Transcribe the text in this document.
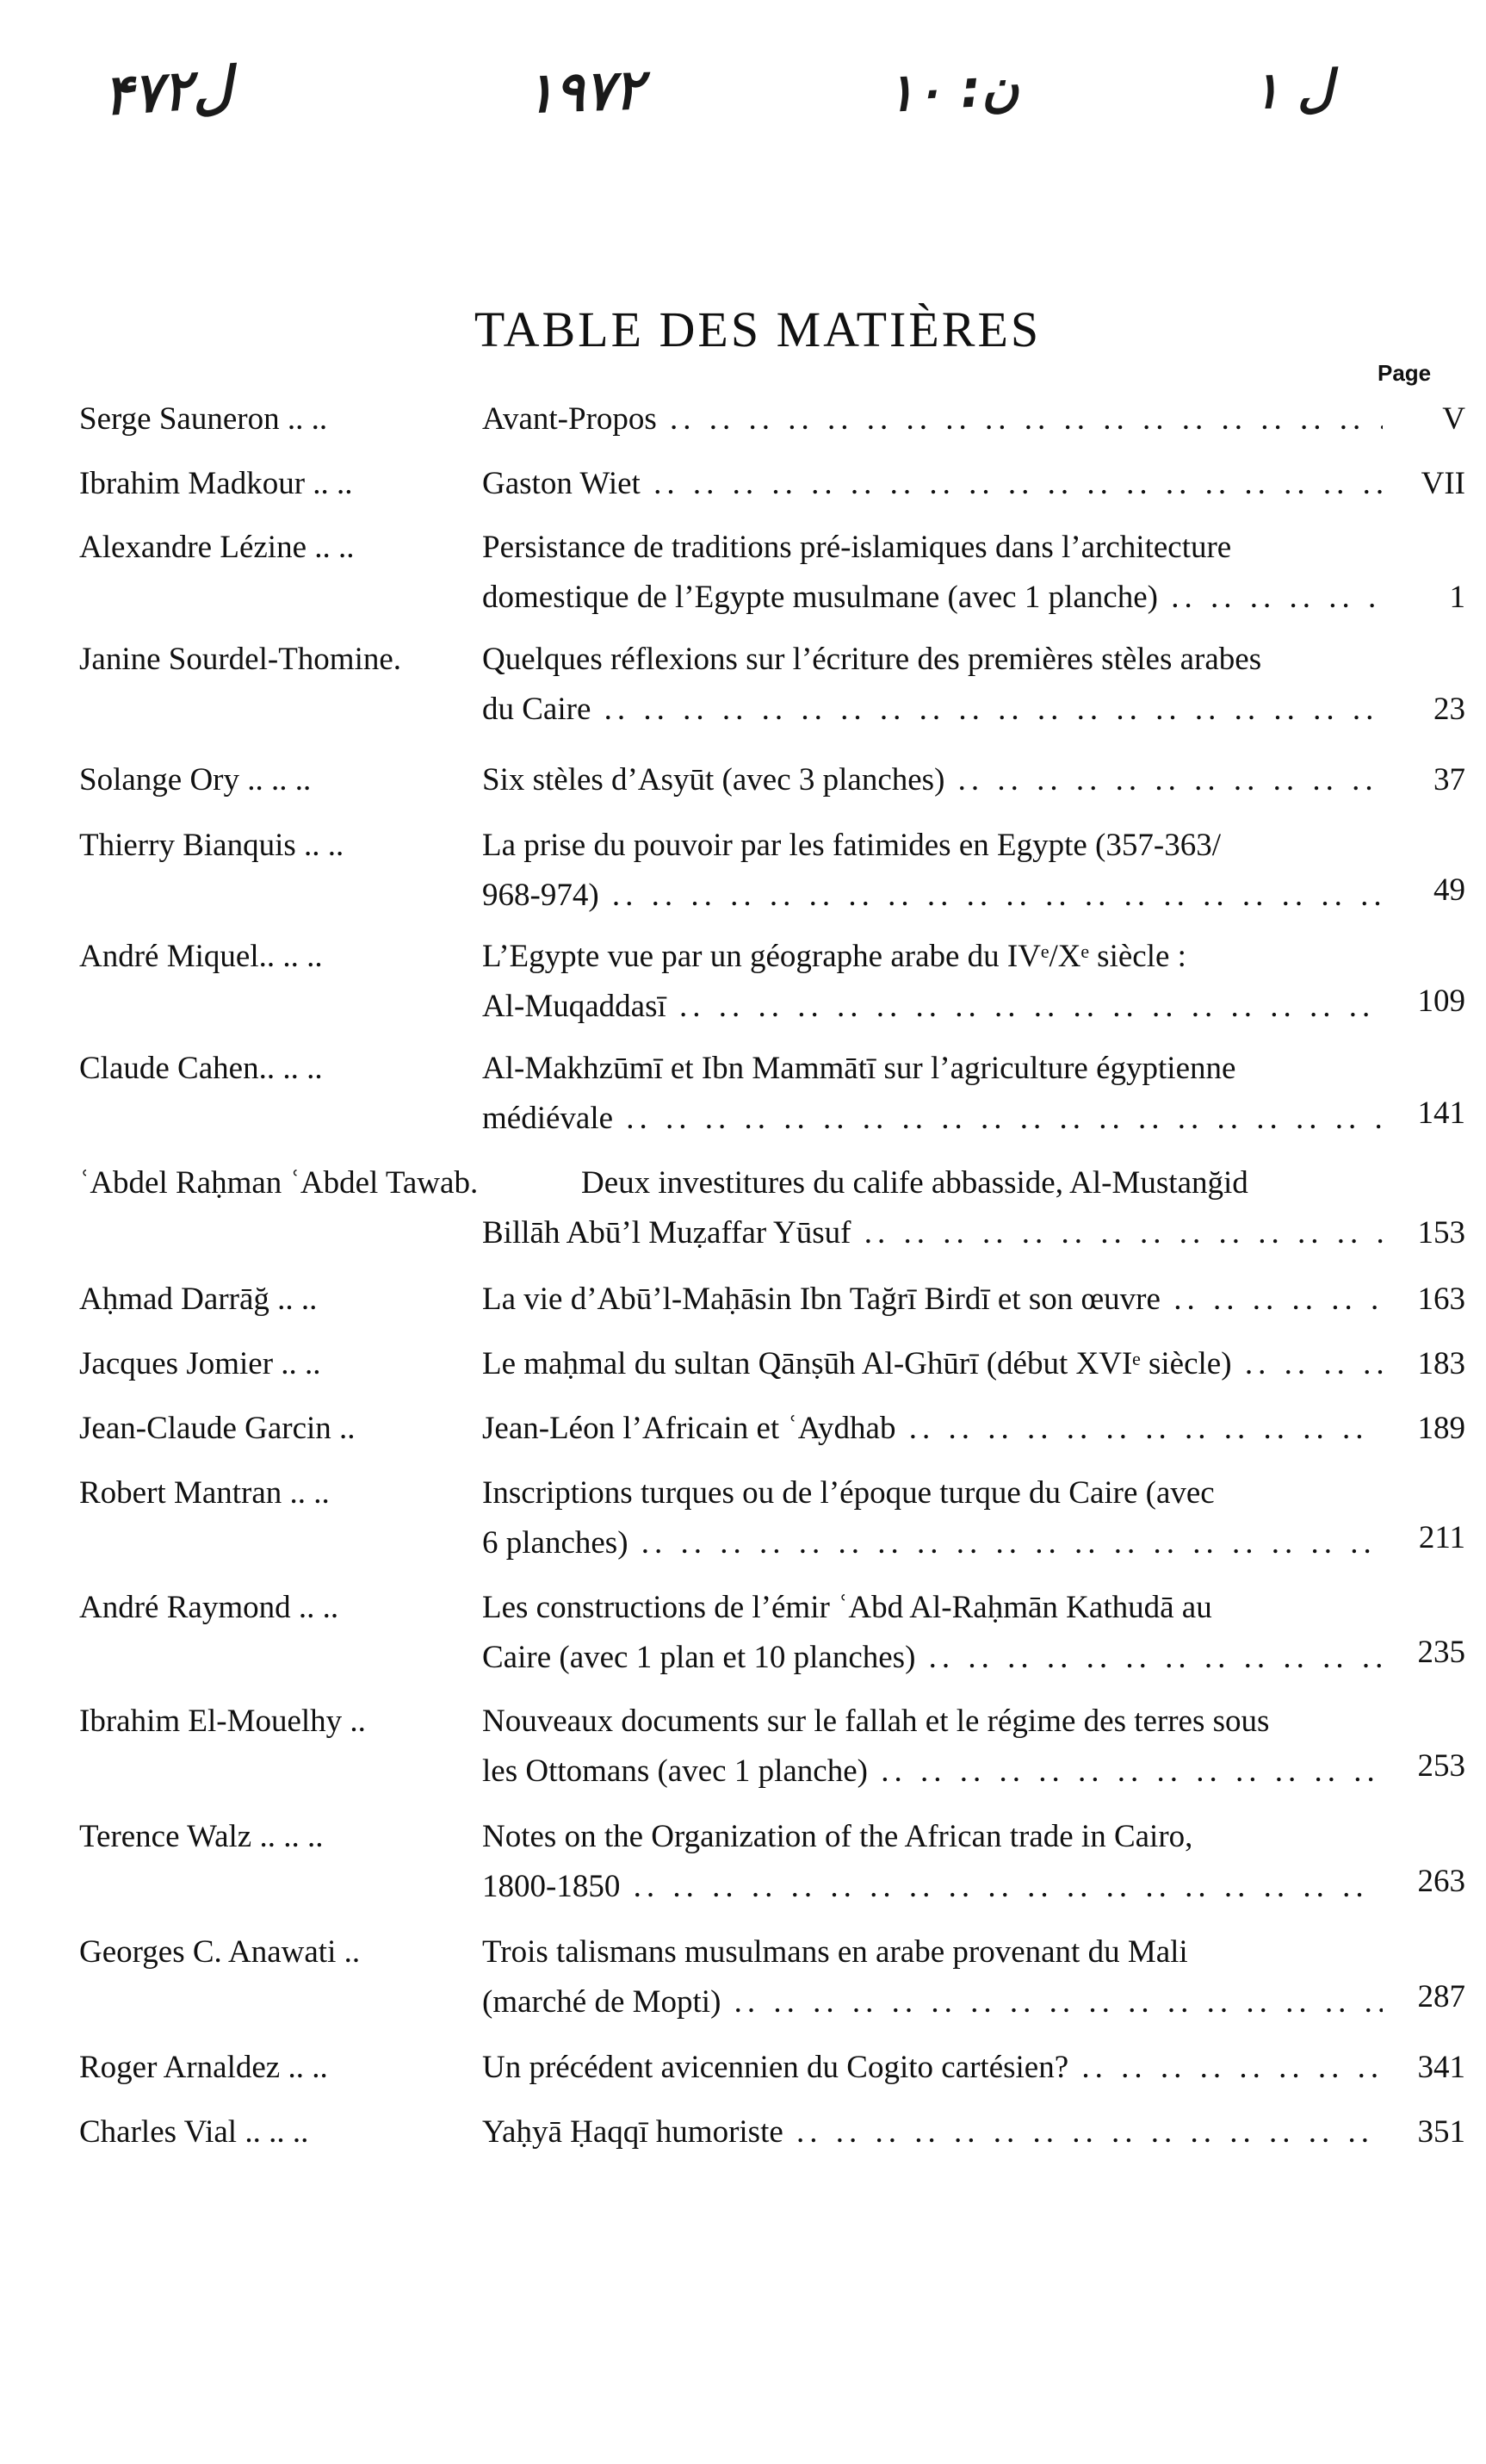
ل۴۷۲	۱۹۷۲	ن: ۱۰	ل ۱
TABLE DES MATIÈRES
Page
Serge Sauneron .. ..	Avant-Propos .. ..	V
Ibrahim Madkour .. ..	Gaston Wiet .. ..	VII
Alexandre Lézine .. ..	Persistance de traditions pré-islamiques dans l’architecture
domestique de l’Egypte musulmane (avec 1 planche) .. ..	1
Janine Sourdel-Thomine.	Quelques réflexions sur l’écriture des premières stèles arabes
du Caire .. ..	23
Solange Ory .. .. ..	Six stèles d’Asyūt (avec 3 planches) .. ..	37
Thierry Bianquis .. ..	La prise du pouvoir par les fatimides en Egypte (357-363/
968-974) .. ..	49
André Miquel.. .. ..	L’Egypte vue par un géographe arabe du IVᵉ/Xᵉ siècle :
Al-Muqaddasī .. ..	109
Claude Cahen.. .. ..	Al-Makhzūmī et Ibn Mammātī sur l’agriculture égyptienne
médiévale .. ..	141
ʿAbdel Raḥman ʿAbdel Tawab.	Deux investitures du calife abbasside, Al-Mustanğid
Billāh Abū’l Muẓaffar Yūsuf .. ..	153
Aḥmad Darrāğ .. ..	La vie d’Abū’l-Maḥāsin Ibn Tağrī Birdī et son œuvre .. ..	163
Jacques Jomier .. ..	Le maḥmal du sultan Qānṣūh Al-Ghūrī (début XVIᵉ siècle) .. ..	183
Jean-Claude Garcin ..	Jean-Léon l’Africain et ʿAydhab .. ..	189
Robert Mantran .. ..	Inscriptions turques ou de l’époque turque du Caire (avec
6 planches) .. ..	211
André Raymond .. ..	Les constructions de l’émir ʿAbd Al-Raḥmān Kathudā au
Caire (avec 1 plan et 10 planches) .. ..	235
Ibrahim El-Mouelhy ..	Nouveaux documents sur le fallah et le régime des terres sous
les Ottomans (avec 1 planche) .. ..	253
Terence Walz .. .. ..	Notes on the Organization of the African trade in Cairo,
1800-1850 .. ..	263
Georges C. Anawati ..	Trois talismans musulmans en arabe provenant du Mali
(marché de Mopti) .. ..	287
Roger Arnaldez .. ..	Un précédent avicennien du Cogito cartésien? .. ..	341
Charles Vial .. .. ..	Yaḥyā Ḥaqqī humoriste .. ..	351
